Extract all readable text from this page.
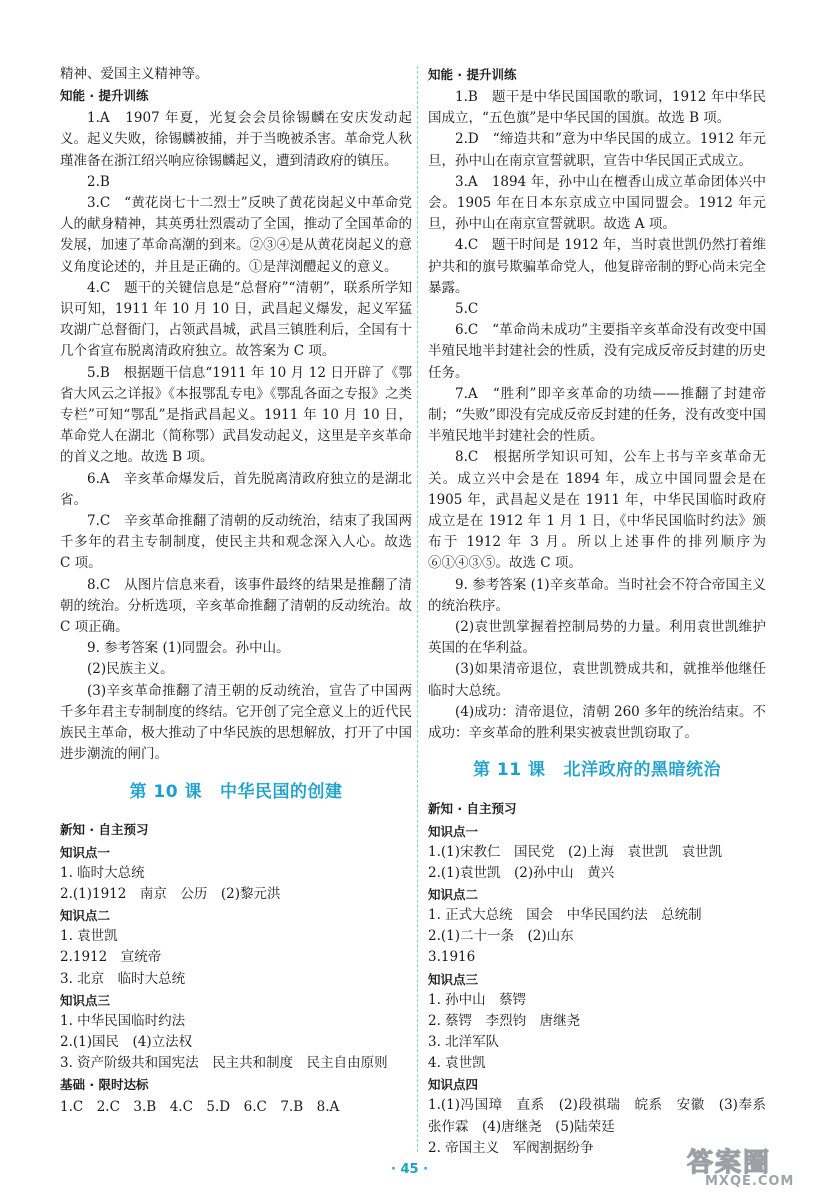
精神、爱国主义精神等。

知能 · 提升训练

1.A　1907 年夏，光复会会员徐锡麟在安庆发动起义。起义失败，徐锡麟被捕，并于当晚被杀害。革命党人秋瑾准备在浙江绍兴响应徐锡麟起义，遭到清政府的镇压。

2.B

3.C　“黄花岗七十二烈士”反映了黄花岗起义中革命党人的献身精神，其英勇壮烈震动了全国，推动了全国革命的发展，加速了革命高潮的到来。②③④是从黄花岗起义的意义角度论述的，并且是正确的。①是萍浏醴起义的意义。

4.C　题干的关键信息是“总督府”“清朝”，联系所学知识可知，1911 年 10 月 10 日，武昌起义爆发，起义军猛攻湖广总督衙门，占领武昌城，武昌三镇胜利后，全国有十几个省宣布脱离清政府独立。故答案为 C 项。

5.B　根据题干信息“1911 年 10 月 12 日开辟了《鄂省大风云之详报》《本报鄂乱专电》《鄂乱各面之专报》之类专栏”可知“鄂乱”是指武昌起义。1911 年 10 月 10 日，革命党人在湖北（简称鄂）武昌发动起义，这里是辛亥革命的首义之地。故选 B 项。

6.A　辛亥革命爆发后，首先脱离清政府独立的是湖北省。

7.C　辛亥革命推翻了清朝的反动统治，结束了我国两千多年的君主专制制度，使民主共和观念深入人心。故选 C 项。

8.C　从图片信息来看，该事件最终的结果是推翻了清朝的统治。分析选项，辛亥革命推翻了清朝的反动统治。故 C 项正确。

9. 参考答案 (1)同盟会。孙中山。

(2)民族主义。

(3)辛亥革命推翻了清王朝的反动统治，宣告了中国两千多年君主专制制度的终结。它开创了完全意义上的近代民族民主革命，极大推动了中华民族的思想解放，打开了中国进步潮流的闸门。

第 10 课 中华民国的创建
新知 · 自主预习
知识点一

1. 临时大总统

2.(1)1912　南京　公历　(2)黎元洪

知识点二

1. 袁世凯

2.1912　宣统帝

3. 北京　临时大总统

知识点三

1. 中华民国临时约法

2.(1)国民　(4)立法权

3. 资产阶级共和国宪法　民主共和制度　民主自由原则

基础 · 限时达标

1.C　2.C　3.B　4.C　5.D　6.C　7.B　8.A

知能 · 提升训练

1.B　题干是中华民国国歌的歌词，1912 年中华民国成立，“五色旗”是中华民国的国旗。故选 B 项。

2.D　“缔造共和”意为中华民国的成立。1912 年元旦，孙中山在南京宣誓就职，宣告中华民国正式成立。

3.A　1894 年，孙中山在檀香山成立革命团体兴中会。1905 年在日本东京成立中国同盟会。1912 年元旦，孙中山在南京宣誓就职。故选 A 项。

4.C　题干时间是 1912 年，当时袁世凯仍然打着维护共和的旗号欺骗革命党人，他复辟帝制的野心尚未完全暴露。

5.C

6.C　“革命尚未成功”主要指辛亥革命没有改变中国半殖民地半封建社会的性质，没有完成反帝反封建的历史任务。

7.A　“胜利”即辛亥革命的功绩——推翻了封建帝制；“失败”即没有完成反帝反封建的任务，没有改变中国半殖民地半封建社会的性质。

8.C　根据所学知识可知，公车上书与辛亥革命无关。成立兴中会是在 1894 年，成立中国同盟会是在 1905 年，武昌起义是在 1911 年，中华民国临时政府成立是在 1912 年 1 月 1 日，《中华民国临时约法》颁布于 1912 年 3 月。所以上述事件的排列顺序为⑥①④③⑤。故选 C 项。

9. 参考答案 (1)辛亥革命。当时社会不符合帝国主义的统治秩序。

(2)袁世凯掌握着控制局势的力量。利用袁世凯维护英国的在华利益。

(3)如果清帝退位，袁世凯赞成共和，就推举他继任临时大总统。

(4)成功：清帝退位，清朝 260 多年的统治结束。不成功：辛亥革命的胜利果实被袁世凯窃取了。

第 11 课 北洋政府的黑暗统治
新知 · 自主预习
知识点一

1.(1)宋教仁　国民党　(2)上海　袁世凯　袁世凯

2.(1)袁世凯　(2)孙中山　黄兴

知识点二

1. 正式大总统　国会　中华民国约法　总统制

2.(1)二十一条　(2)山东

3.1916

知识点三

1. 孙中山　蔡锷

2. 蔡锷　李烈钧　唐继尧

3. 北洋军队

4. 袁世凯

知识点四

1.(1)冯国璋　直系　(2)段祺瑞　皖系　安徽　(3)奉系　张作霖　(4)唐继尧　(5)陆荣廷

2. 帝国主义　军阀割据纷争

· 45 ·	答案圈
MXQE.COM
